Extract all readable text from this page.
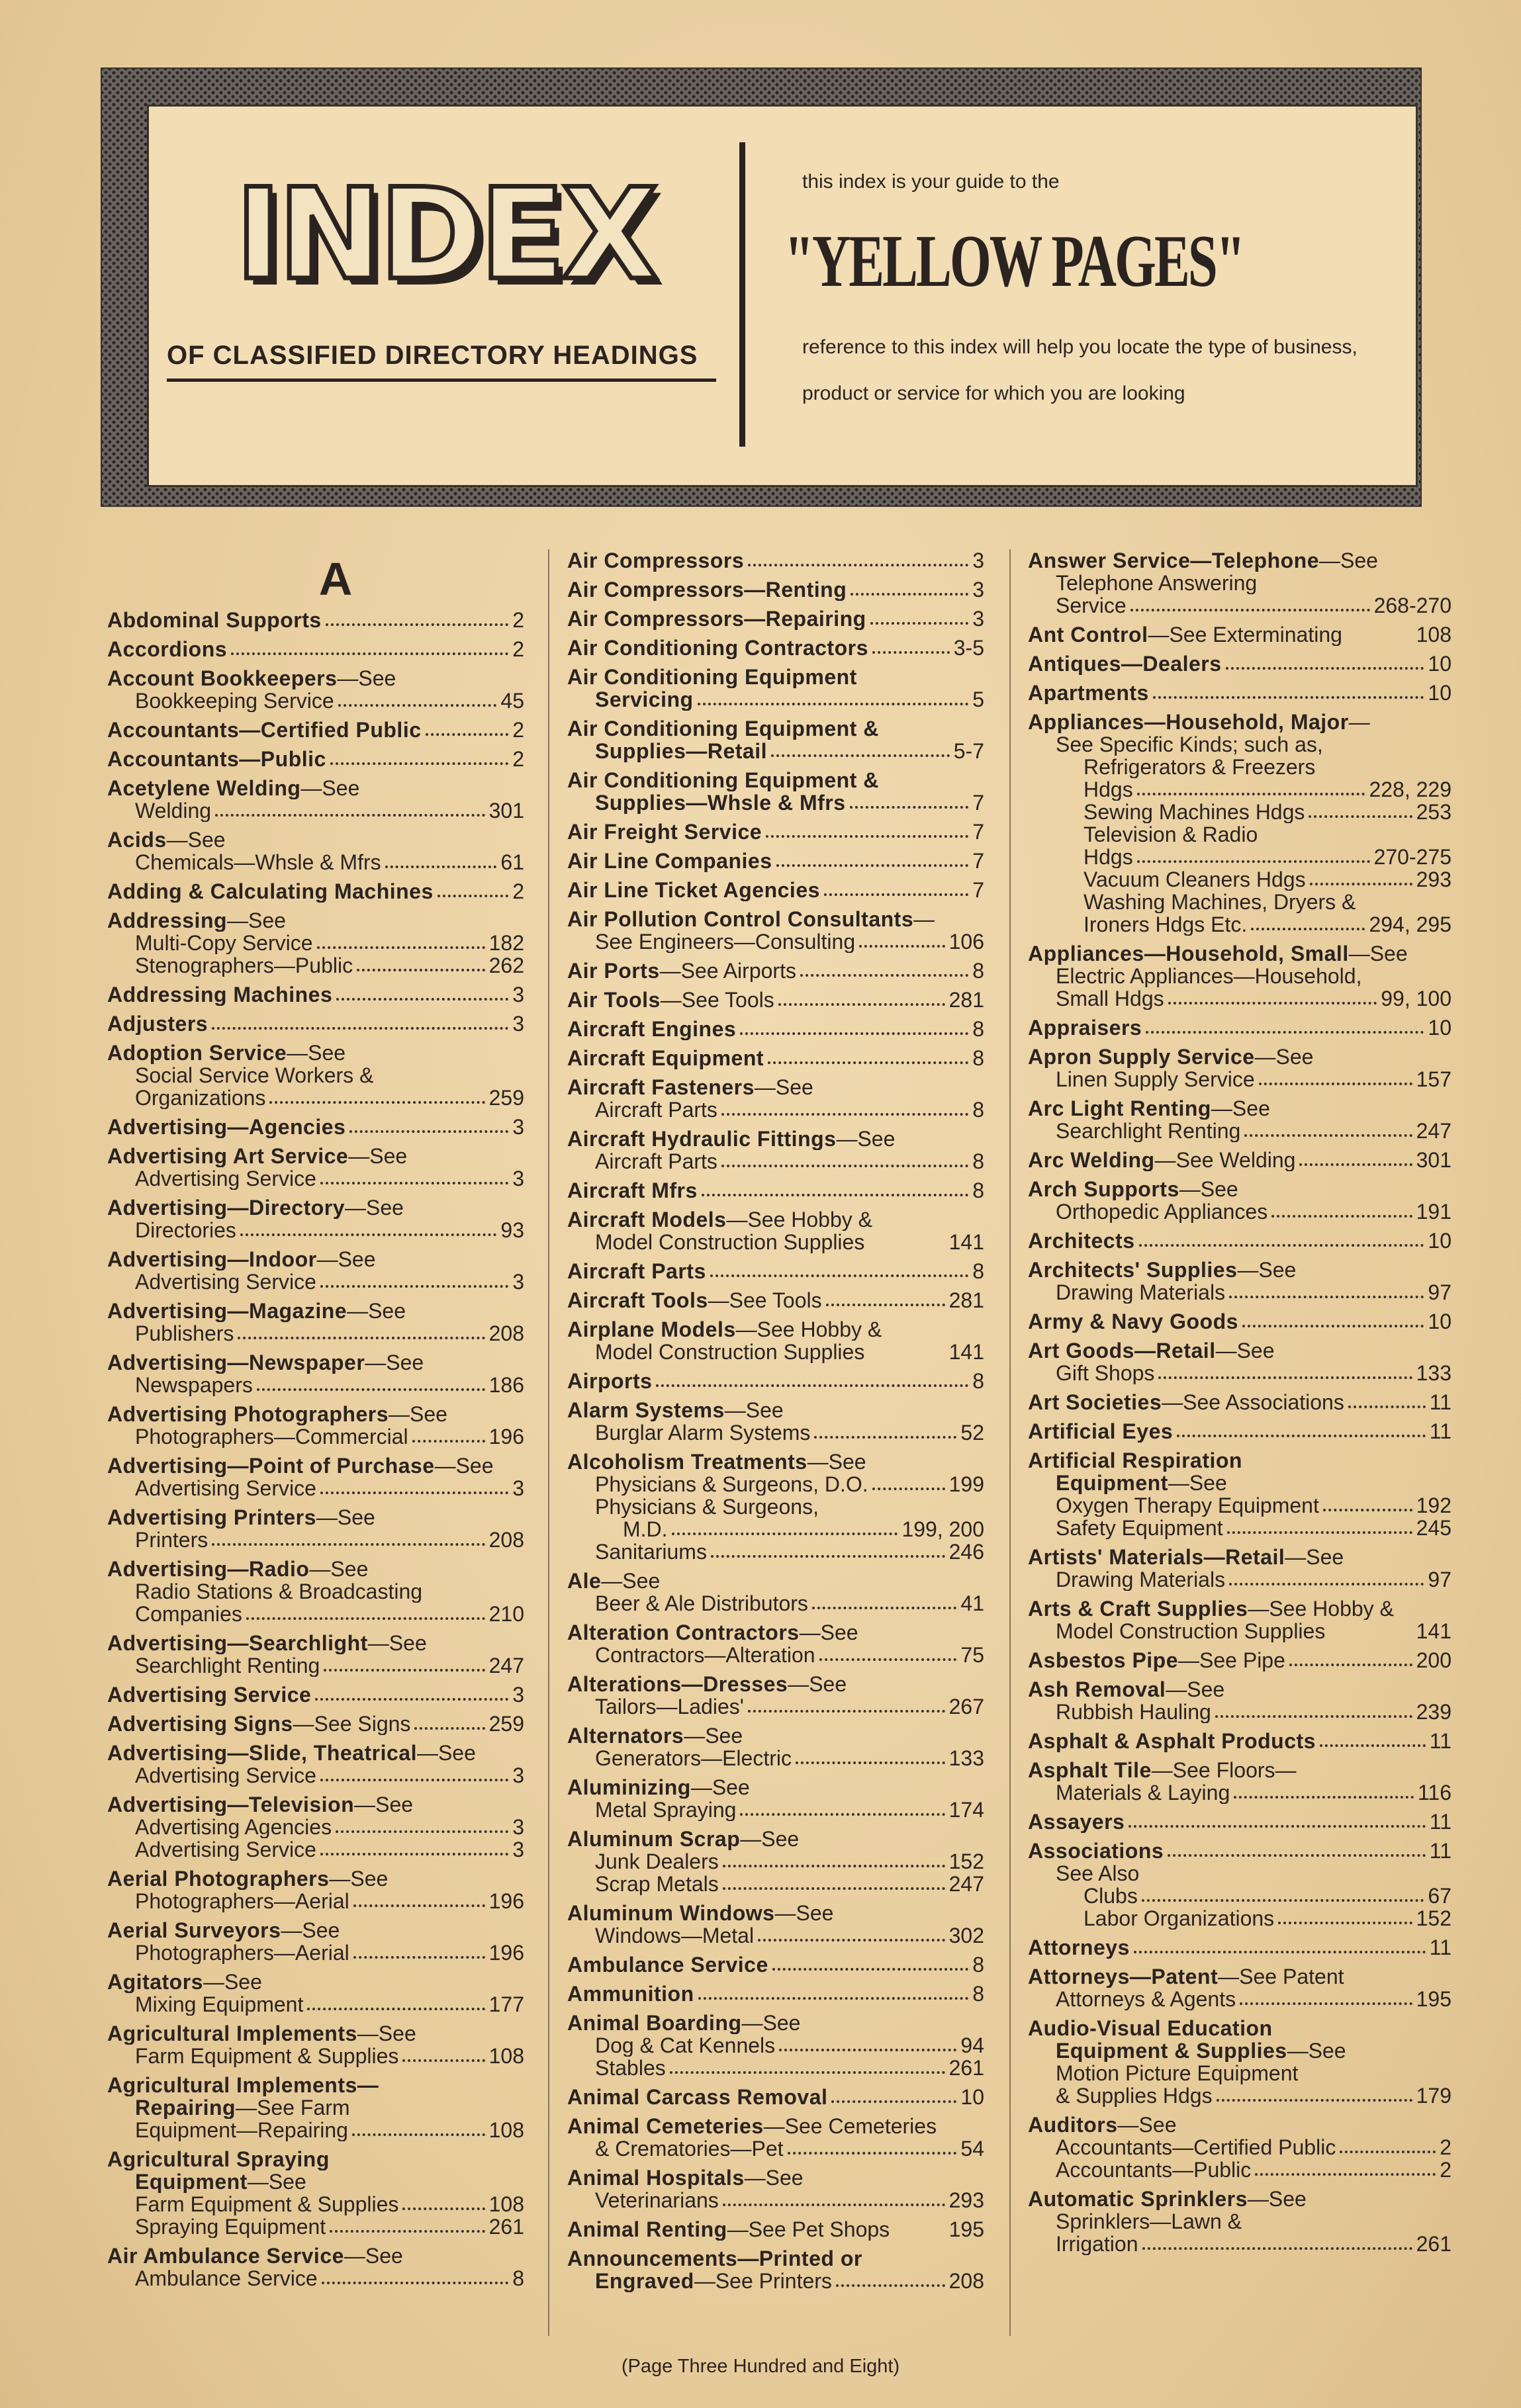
INDEX
OF CLASSIFIED DIRECTORY HEADINGS
this index is your guide to the
"YELLOW PAGES"
reference to this index will help you locate the type of business, product or service for which you are looking
A
Abdominal Supports	2
Accordions	2
Account Bookkeepers—See
Bookkeeping Service	45
Accountants—Certified Public	2
Accountants—Public	2
Acetylene Welding—See
Welding	301
Acids—See
Chemicals—Whsle & Mfrs	61
Adding & Calculating Machines	2
Addressing—See
Multi-Copy Service	182
Stenographers—Public	262
Addressing Machines	3
Adjusters	3
Adoption Service—See
Social Service Workers &
Organizations	259
Advertising—Agencies	3
Advertising Art Service—See
Advertising Service	3
Advertising—Directory—See
Directories	93
Advertising—Indoor—See
Advertising Service	3
Advertising—Magazine—See
Publishers	208
Advertising—Newspaper—See
Newspapers	186
Advertising Photographers—See
Photographers—Commercial	196
Advertising—Point of Purchase—See
Advertising Service	3
Advertising Printers—See
Printers	208
Advertising—Radio—See
Radio Stations & Broadcasting
Companies	210
Advertising—Searchlight—See
Searchlight Renting	247
Advertising Service	3
Advertising Signs—See Signs	259
Advertising—Slide, Theatrical—See
Advertising Service	3
Advertising—Television—See
Advertising Agencies	3
Advertising Service	3
Aerial Photographers—See
Photographers—Aerial	196
Aerial Surveyors—See
Photographers—Aerial	196
Agitators—See
Mixing Equipment	177
Agricultural Implements—See
Farm Equipment & Supplies	108
Agricultural Implements—
Repairing—See Farm
Equipment—Repairing	108
Agricultural Spraying
Equipment—See
Farm Equipment & Supplies	108
Spraying Equipment	261
Air Ambulance Service—See
Ambulance Service	8
Air Compressors	3
Air Compressors—Renting	3
Air Compressors—Repairing	3
Air Conditioning Contractors	3-5
Air Conditioning Equipment
Servicing	5
Air Conditioning Equipment &
Supplies—Retail	5-7
Air Conditioning Equipment &
Supplies—Whsle & Mfrs	7
Air Freight Service	7
Air Line Companies	7
Air Line Ticket Agencies	7
Air Pollution Control Consultants—
See Engineers—Consulting	106
Air Ports—See Airports	8
Air Tools—See Tools	281
Aircraft Engines	8
Aircraft Equipment	8
Aircraft Fasteners—See
Aircraft Parts	8
Aircraft Hydraulic Fittings—See
Aircraft Parts	8
Aircraft Mfrs	8
Aircraft Models—See Hobby &
Model Construction Supplies	141
Aircraft Parts	8
Aircraft Tools—See Tools	281
Airplane Models—See Hobby &
Model Construction Supplies	141
Airports	8
Alarm Systems—See
Burglar Alarm Systems	52
Alcoholism Treatments—See
Physicians & Surgeons, D.O.	199
Physicians & Surgeons,
M.D.	199, 200
Sanitariums	246
Ale—See
Beer & Ale Distributors	41
Alteration Contractors—See
Contractors—Alteration	75
Alterations—Dresses—See
Tailors—Ladies'	267
Alternators—See
Generators—Electric	133
Aluminizing—See
Metal Spraying	174
Aluminum Scrap—See
Junk Dealers	152
Scrap Metals	247
Aluminum Windows—See
Windows—Metal	302
Ambulance Service	8
Ammunition	8
Animal Boarding—See
Dog & Cat Kennels	94
Stables	261
Animal Carcass Removal	10
Animal Cemeteries—See Cemeteries
& Crematories—Pet	54
Animal Hospitals—See
Veterinarians	293
Animal Renting—See Pet Shops	195
Announcements—Printed or
Engraved—See Printers	208
Answer Service—Telephone—See
Telephone Answering
Service	268-270
Ant Control—See Exterminating	108
Antiques—Dealers	10
Apartments	10
Appliances—Household, Major—
See Specific Kinds; such as,
Refrigerators & Freezers
Hdgs	228, 229
Sewing Machines Hdgs	253
Television & Radio
Hdgs	270-275
Vacuum Cleaners Hdgs	293
Washing Machines, Dryers &
Ironers Hdgs Etc.	294, 295
Appliances—Household, Small—See
Electric Appliances—Household,
Small Hdgs	99, 100
Appraisers	10
Apron Supply Service—See
Linen Supply Service	157
Arc Light Renting—See
Searchlight Renting	247
Arc Welding—See Welding	301
Arch Supports—See
Orthopedic Appliances	191
Architects	10
Architects' Supplies—See
Drawing Materials	97
Army & Navy Goods	10
Art Goods—Retail—See
Gift Shops	133
Art Societies—See Associations	11
Artificial Eyes	11
Artificial Respiration
Equipment—See
Oxygen Therapy Equipment	192
Safety Equipment	245
Artists' Materials—Retail—See
Drawing Materials	97
Arts & Craft Supplies—See Hobby &
Model Construction Supplies	141
Asbestos Pipe—See Pipe	200
Ash Removal—See
Rubbish Hauling	239
Asphalt & Asphalt Products	11
Asphalt Tile—See Floors—
Materials & Laying	116
Assayers	11
Associations	11
See Also
Clubs	67
Labor Organizations	152
Attorneys	11
Attorneys—Patent—See Patent
Attorneys & Agents	195
Audio-Visual Education
Equipment & Supplies—See
Motion Picture Equipment
& Supplies Hdgs	179
Auditors—See
Accountants—Certified Public	2
Accountants—Public	2
Automatic Sprinklers—See
Sprinklers—Lawn &
Irrigation	261
(Page Three Hundred and Eight)
